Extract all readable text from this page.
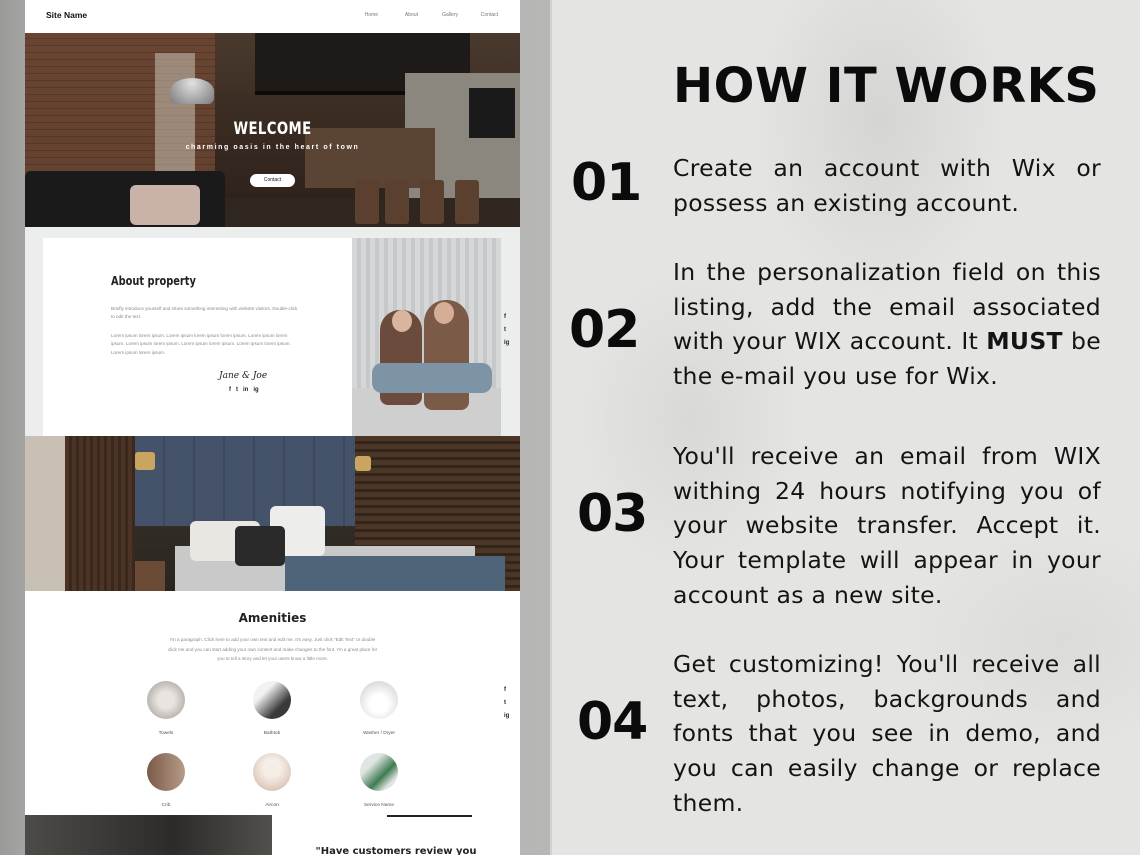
Site Name	Home	About	Gallery	Contact
WELCOME
charming oasis in the heart of town
Contact
About property
Briefly introduce yourself and share something interesting with website visitors. Double-click to edit the text.
Lorem ipsum lorem ipsum. Lorem ipsum lorem ipsum lorem ipsum. Lorem ipsum lorem ipsum. Lorem ipsum lorem ipsum. Lorem ipsum lorem ipsum. Lorem ipsum lorem ipsum. Lorem ipsum lorem ipsum.
Jane & Joe
f t in ig
f
t
ig
Amenities
I'm a paragraph. Click here to add your own text and edit me. It's easy. Just click "Edit Text" or double click me and you can start adding your own content and make changes to the font. I'm a great place for you to tell a story and let your users know a little more.
Towels	Bathtub	Washer / Dryer
Crib	Aircon	Service Name
f
t
ig
"Have customers review you
HOW IT WORKS
01 Create an account with Wix or possess an existing account.
02
In the personalization field on this listing, add the email associated with your WIX account. It MUST be the e-mail you use for Wix.
03
You'll receive an email from WIX withing 24 hours notifying you of your website transfer. Accept it. Your template will appear in your account as a new site.
04
Get customizing! You'll receive all text, photos, backgrounds and fonts that you see in demo, and you can easily change or replace them.
